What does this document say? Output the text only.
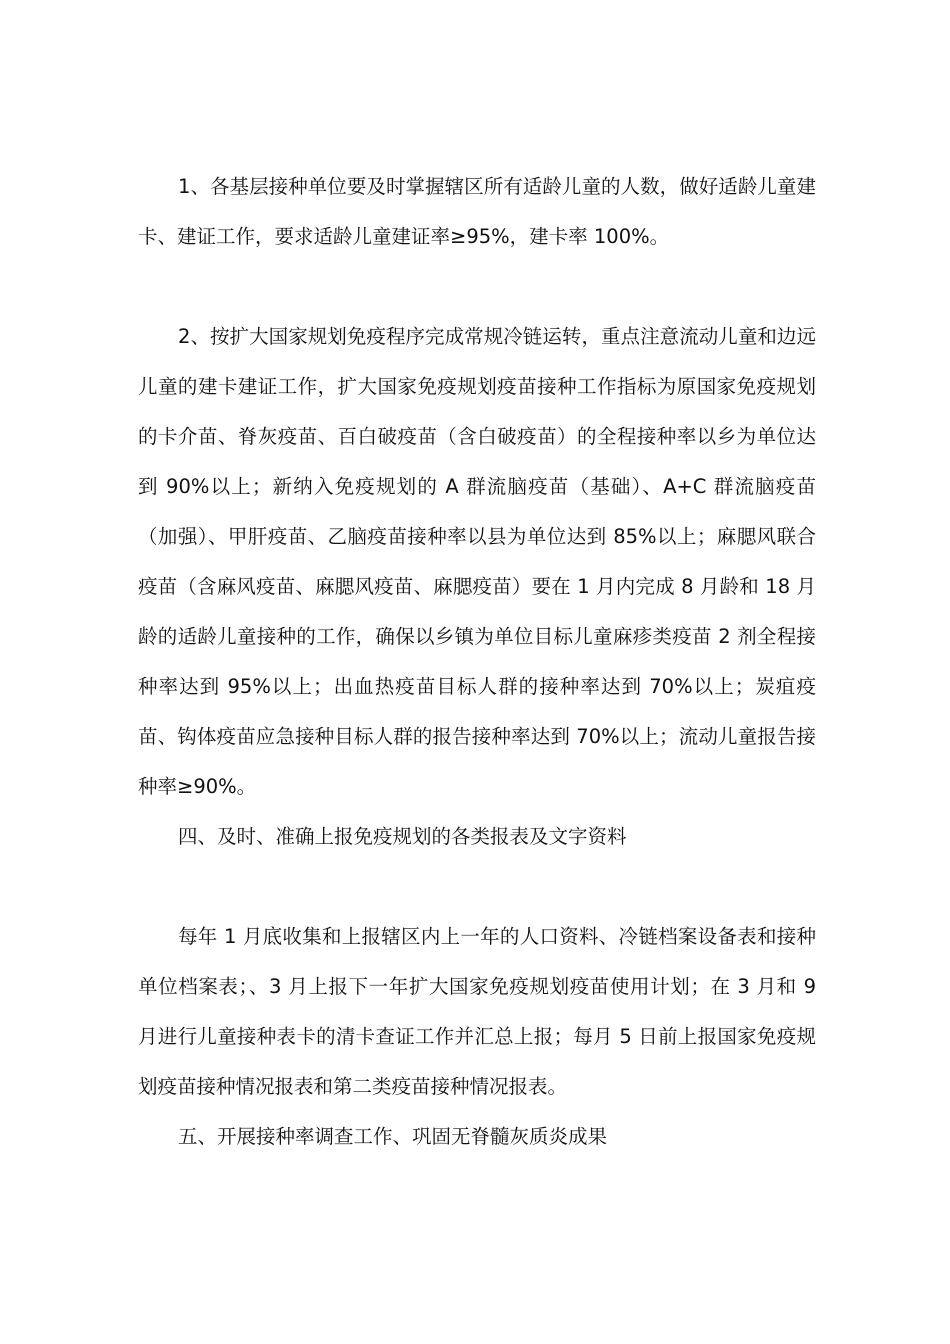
1、各基层接种单位要及时掌握辖区所有适龄儿童的人数，做好适龄儿童建卡、建证工作，要求适龄儿童建证率≥95%，建卡率 100%。

2、按扩大国家规划免疫程序完成常规冷链运转，重点注意流动儿童和边远儿童的建卡建证工作，扩大国家免疫规划疫苗接种工作指标为原国家免疫规划的卡介苗、脊灰疫苗、百白破疫苗（含白破疫苗）的全程接种率以乡为单位达到 90%以上；新纳入免疫规划的 A 群流脑疫苗（基础）、A+C 群流脑疫苗（加强）、甲肝疫苗、乙脑疫苗接种率以县为单位达到 85%以上；麻腮风联合疫苗（含麻风疫苗、麻腮风疫苗、麻腮疫苗）要在 1 月内完成 8 月龄和 18 月龄的适龄儿童接种的工作，确保以乡镇为单位目标儿童麻疹类疫苗 2 剂全程接种率达到 95%以上；出血热疫苗目标人群的接种率达到 70%以上；炭疽疫苗、钩体疫苗应急接种目标人群的报告接种率达到 70%以上；流动儿童报告接种率≥90%。

四、及时、准确上报免疫规划的各类报表及文字资料

每年 1 月底收集和上报辖区内上一年的人口资料、冷链档案设备表和接种单位档案表；、3 月上报下一年扩大国家免疫规划疫苗使用计划；在 3 月和 9 月进行儿童接种表卡的清卡查证工作并汇总上报；每月 5 日前上报国家免疫规划疫苗接种情况报表和第二类疫苗接种情况报表。

五、开展接种率调查工作、巩固无脊髓灰质炎成果
